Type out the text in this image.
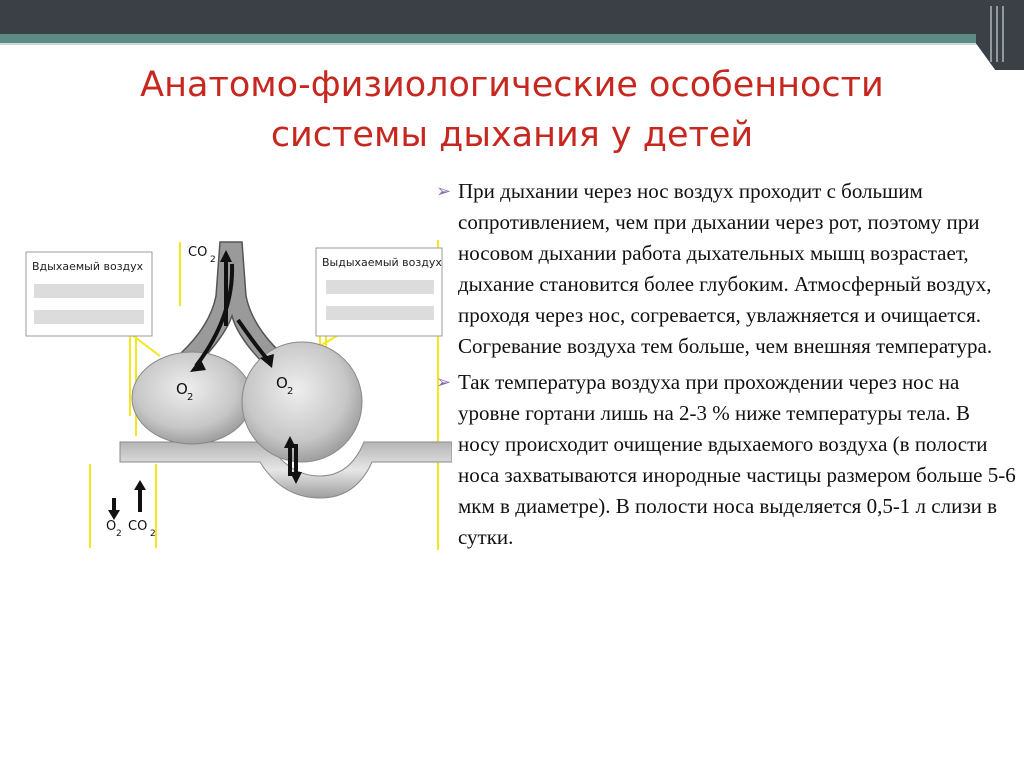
Анатомо-физиологические особенности
системы дыхания у детей
Вдыхаемый воздух	Выдыхаемый воздух
O 2
O 2
CO 2
O 2 CO 2
➢ При дыхании через нос воздух проходит с большим сопротивлением, чем при дыхании через рот, поэтому при носовом дыхании работа дыхательных мышц возрастает, дыхание становится более глубоким. Атмосферный воздух, проходя через нос, согревается, увлажняется и очищается. Согревание воздуха тем больше, чем внешняя температура.
➢ Так температура воздуха при прохождении через нос на уровне гортани лишь на 2-3 % ниже температуры тела. В носу происходит очищение вдыхаемого воздуха (в полости носа захватываются инородные частицы размером больше 5-6 мкм в диаметре). В полости носа выделяется 0,5-1 л слизи в сутки.
